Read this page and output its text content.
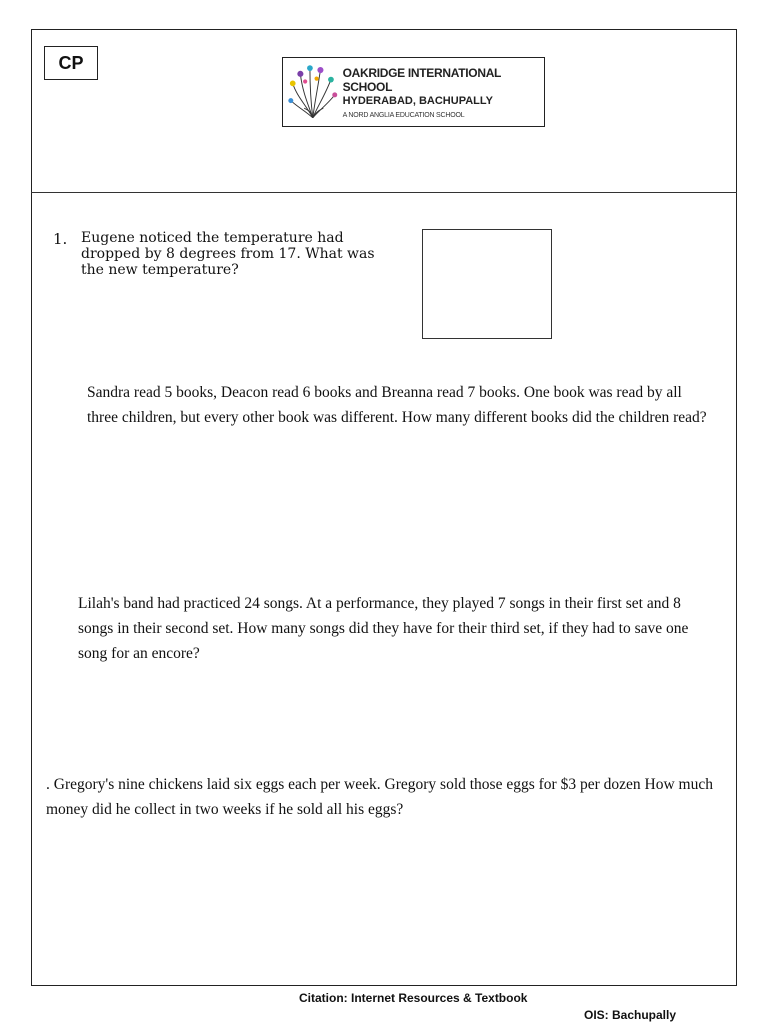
CP	OAKRIDGE INTERNATIONAL SCHOOL
HYDERABAD, BACHUPALLY
A NORD ANGLIA EDUCATION SCHOOL
1. Eugene noticed the temperature had dropped by 8 degrees from 17. What was the new temperature?
Sandra read 5 books, Deacon read 6 books and Breanna read 7 books. One book was read by all three children, but every other book was different. How many different books did the children read?
Lilah's band had practiced 24 songs. At a performance, they played 7 songs in their first set and 8 songs in their second set. How many songs did they have for their third set, if they had to save one song for an encore?
. Gregory's nine chickens laid six eggs each per week. Gregory sold those eggs for $3 per dozen How much money did he collect in two weeks if he sold all his eggs?
Citation: Internet Resources & Textbook
OIS: Bachupally
